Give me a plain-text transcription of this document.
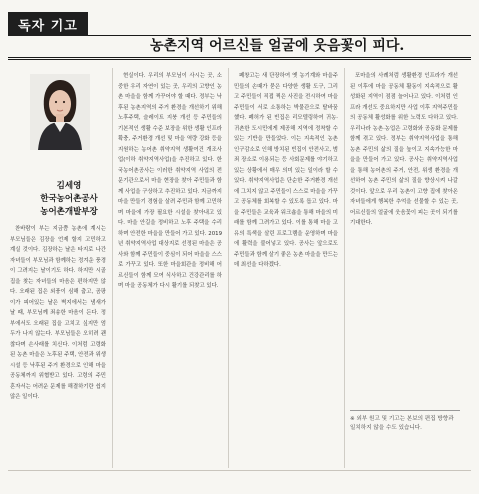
독자 기고
농촌지역 어르신들 얼굴에 웃음꽃이 피다.
김세영
한국농어촌공사
농어촌개발부장

찬바람이 부는 지금쯤 농촌에 계시는 부모님들은 김장을 언제 할지 고민하고 계실 것이다. 김장하는 날은 타지로 나간 자녀들이 부모님과 함께하는 정겨운 풍경이 그려지는 날이기도 하다. 하지만 시골집을 찾는 자녀들의 마음은 편하지만 않다. 오래된 집은 외풍이 심해 춥고, 곰팡이가 피어있는 날은 벽지에서는 냄새가 날 때, 부모님께 죄송한 마음이 든다. 정부에서도 오래된 집을 고치고 싶지만 엄두가 나지 않는다. 부모님들은 오히려 괜찮다며 손사래를 치신다. 이처럼 고령화된 농촌 마을은 노후된 주택, 안전과 위생 시설 등 낙후된 주거 환경으로 인해 마을 공동체까지 위협받고 있다. 고령의 주민 혼자서는 어려운 문제를 해결하기란 쉽지 않은 일이다.

현실이다. 우리의 부모님이 사시는 곳, 소중한 우리 자연이 있는 곳, 우리의 고향인 농촌 마을을 함께 가꾸어야 할 때다. 정부는 낙후된 농촌지역의 주거 환경을 개선하기 위해 노후주택, 슬레이트 지붕 개선 등 주민들의 기본적인 생활 수준 보장을 위한 생활 인프라 확충, 주거환경 개선 및 마을 역량 강화 등을 지원하는 농어촌 취약지역 생활여건 개조사업(이하 취약지역사업)을 추진하고 있다. 한국농어촌공사는 이러한 취약지역 사업의 전문기관으로서 마을 현장을 찾아 주민들과 함께 사업을 구상하고 추진하고 있다. 지금까지 마을 만들기 경험을 살려 주민과 함께 고민하며 마을에 가장 필요한 시설을 찾아내고 있다. 마을 안길을 정비하고 노후 주택을 수리하며 안전한 마을을 만들어 가고 있다. 2019년 취약지역사업 대상지로 선정된 마을은 공사와 함께 주민들이 중심이 되어 마을을 스스로 가꾸고 있다. 또한 마을회관을 정비해 어르신들이 함께 모여 식사하고 건강관리를 하며 마을 공동체가 다시 활기를 되찾고 있다.

폐창고는 새 단장하여 옛 농기계와 마을주민들의 손때가 묻은 다양한 생활 도구, 그리고 주민들이 직접 찍은 사진을 전시하여 마을 주민들이 서로 소통하는 박물관으로 탈바꿈했다. 폐허가 된 빈집은 리모델링하여 귀농·귀촌한 도시민에게 제공해 지역에 정착할 수 있는 기반을 만들었다. 이는 지속적인 농촌 인구감소로 인해 방치된 빈집이 안전사고, 범죄 장소로 이용되는 등 사회문제를 야기하고 있는 상황에서 매우 의미 있는 일이라 할 수 있다. 취약지역사업은 단순한 주거환경 개선에 그치지 않고 주민들이 스스로 마을을 가꾸고 공동체를 회복할 수 있도록 돕고 있다. 마을 주민들은 교육과 워크숍을 통해 마을의 미래를 함께 그려가고 있다. 이를 통해 마을 고유의 특색을 살린 프로그램을 운영하며 마을에 활력을 불어넣고 있다. 공사는 앞으로도 주민들과 함께 살기 좋은 농촌 마을을 만드는 데 최선을 다하겠다.

포마을의 사례처럼 생활환경 인프라가 개선된 이후에 마을 공동체 활동이 지속적으로 활성화된 지역이 점점 늘어나고 있다. 이처럼 인프라 개선도 중요하지만 사업 이후 지역주민들의 공동체 활성화를 위한 노력도 다하고 있다. 우리나라 농촌·농업은 고령화와 공동화 문제를 함께 겪고 있다. 정부는 취약지역사업을 통해 농촌 주민의 삶의 질을 높이고 지속가능한 마을을 만들어 가고 있다. 공사는 취약지역사업을 통해 농어촌의 주거, 안전, 위생 환경을 개선하여 농촌 주민의 삶의 질을 향상시켜 나갈 것이다. 앞으로 우리 농촌이 고향 집에 찾아온 자녀들에게 행복한 추억을 선물할 수 있는 곳, 어르신들의 얼굴에 웃음꽃이 피는 곳이 되기를 기대한다.

※ 외부 원고 및 기고는 본보의 편집 방향과 일치하지 않을 수도 있습니다.
